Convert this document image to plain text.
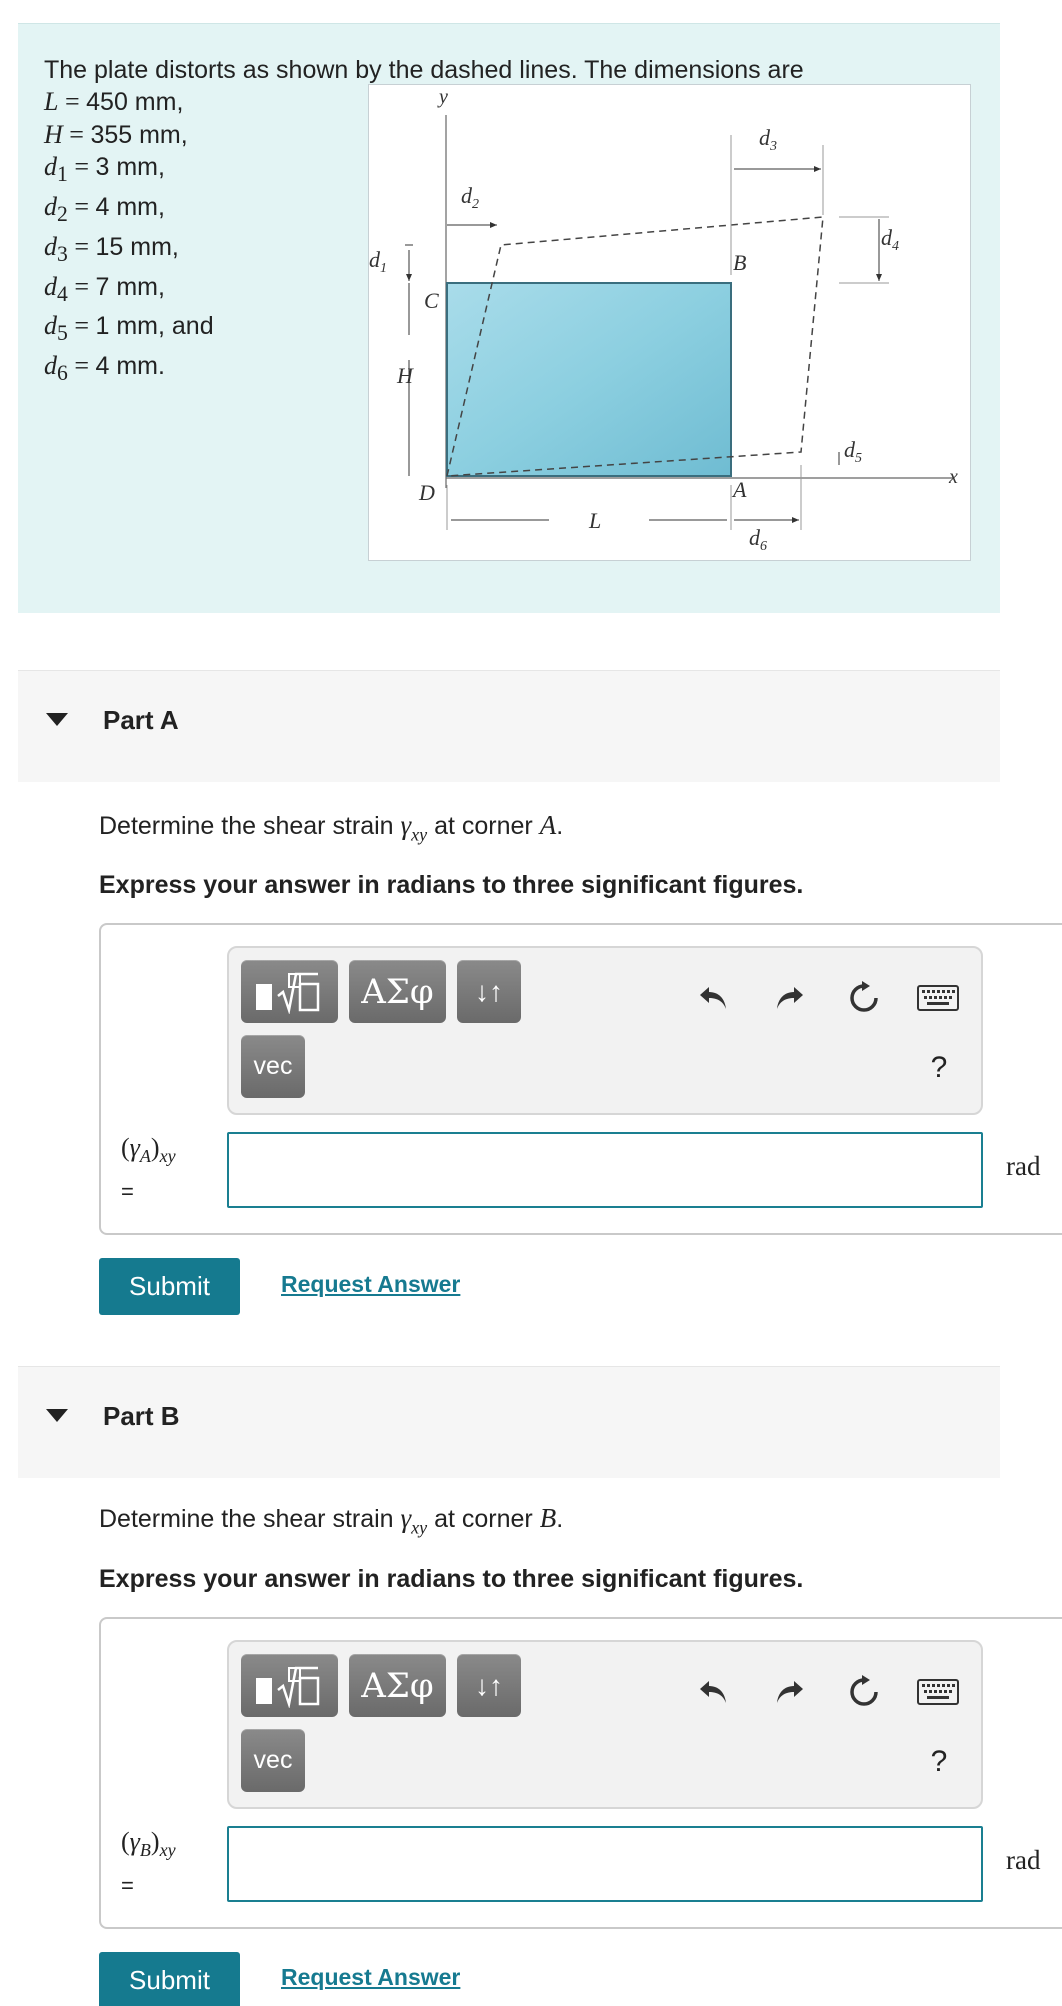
The plate distorts as shown by the dashed lines. The dimensions are
L = 450 mm,
H = 355 mm,
$d_1 = 3$ mm,
$d_2 = 4$ mm,
$d_3 = 15$ mm,
$d_4 = 7$ mm,
$d_5 = 1$ mm, and
$d_6 = 4$ mm.
y
x
C
D
B
A
H
$d_1$
$d_2$
$d_3$
$d_4$
$d_5$
L
$d_6$
Part A
Determine the shear strain $\gamma_{xy}$ at corner A.
Express your answer in radians to three significant figures.
ΑΣφ	↓↑
vec	?
$(\gamma_A)_{xy}$
=
rad
Submit	Request Answer
Part B
Determine the shear strain $\gamma_{xy}$ at corner B.
Express your answer in radians to three significant figures.
ΑΣφ	↓↑
vec	?
$(\gamma_B)_{xy}$
=
rad
Submit	Request Answer
